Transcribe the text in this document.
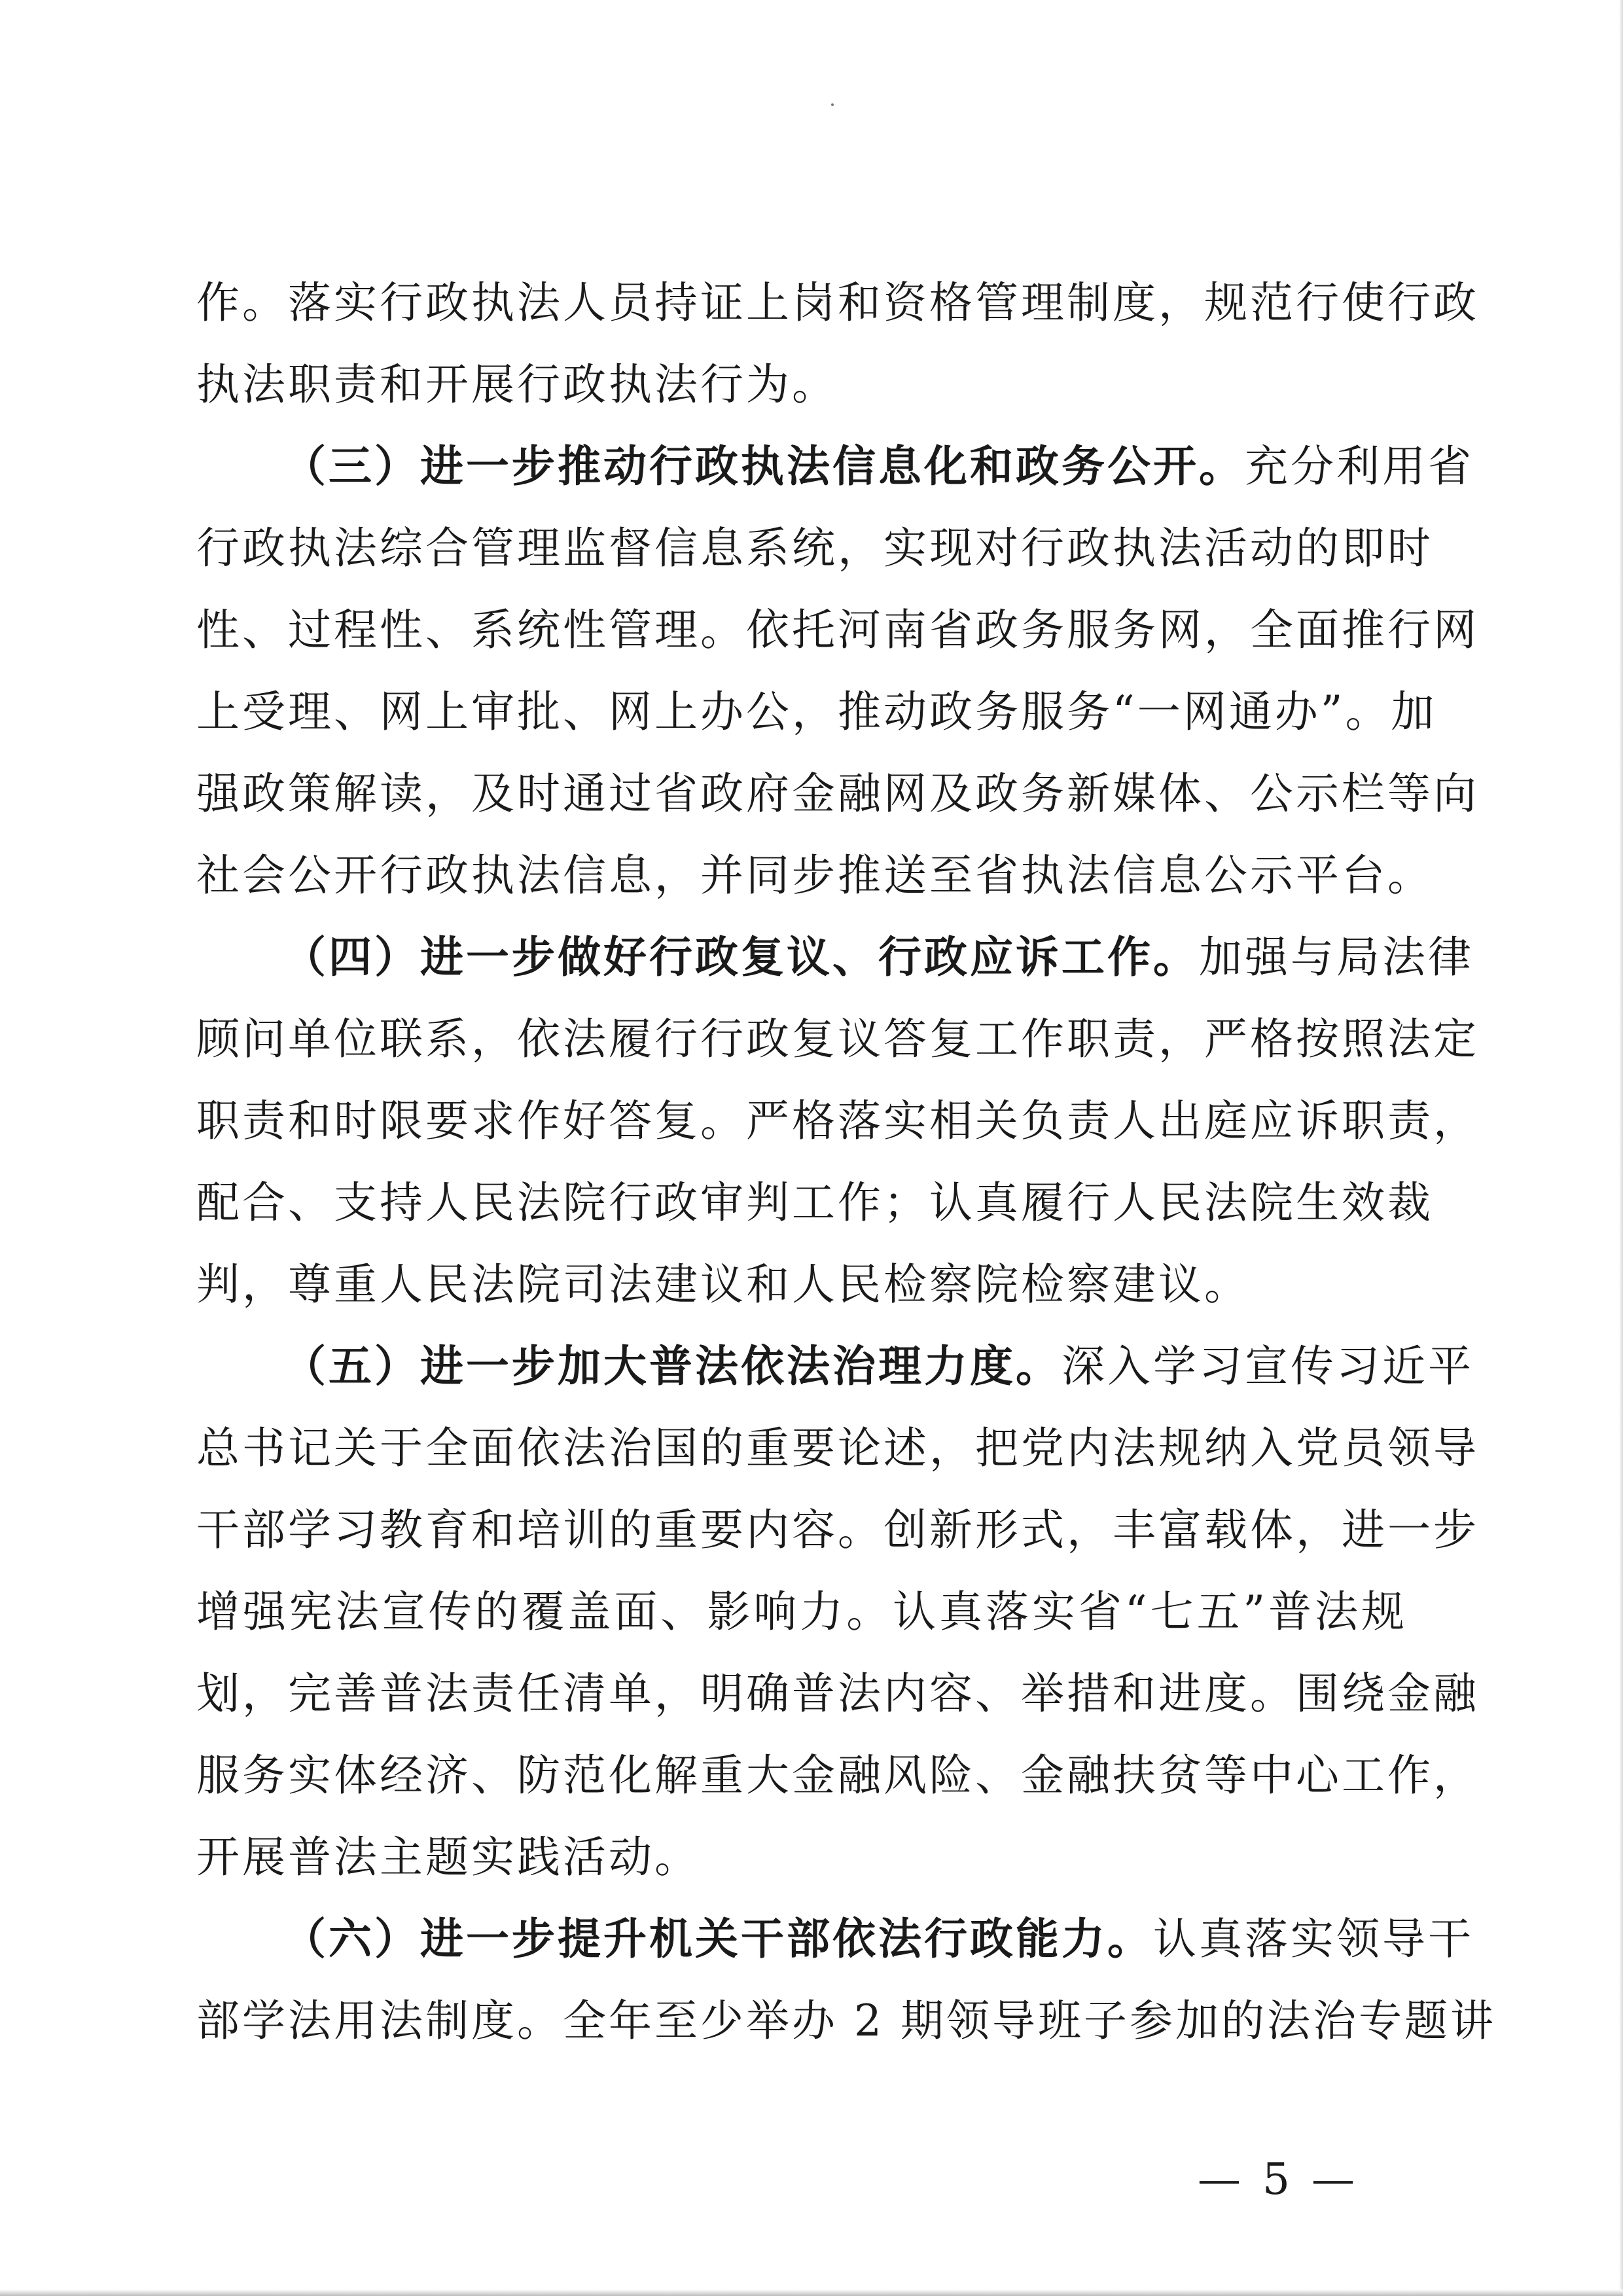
作。落实行政执法人员持证上岗和资格管理制度，规范行使行政
执法职责和开展行政执法行为。
（三）进一步推动行政执法信息化和政务公开。充分利用省
行政执法综合管理监督信息系统，实现对行政执法活动的即时
性、过程性、系统性管理。依托河南省政务服务网，全面推行网
上受理、网上审批、网上办公，推动政务服务“一网通办”。加
强政策解读，及时通过省政府金融网及政务新媒体、公示栏等向
社会公开行政执法信息，并同步推送至省执法信息公示平台。
（四）进一步做好行政复议、行政应诉工作。加强与局法律
顾问单位联系，依法履行行政复议答复工作职责，严格按照法定
职责和时限要求作好答复。严格落实相关负责人出庭应诉职责，
配合、支持人民法院行政审判工作；认真履行人民法院生效裁
判，尊重人民法院司法建议和人民检察院检察建议。
（五）进一步加大普法依法治理力度。深入学习宣传习近平
总书记关于全面依法治国的重要论述，把党内法规纳入党员领导
干部学习教育和培训的重要内容。创新形式，丰富载体，进一步
增强宪法宣传的覆盖面、影响力。认真落实省“七五”普法规
划，完善普法责任清单，明确普法内容、举措和进度。围绕金融
服务实体经济、防范化解重大金融风险、金融扶贫等中心工作，
开展普法主题实践活动。
（六）进一步提升机关干部依法行政能力。认真落实领导干
部学法用法制度。全年至少举办 2 期领导班子参加的法治专题讲
— 5 —
